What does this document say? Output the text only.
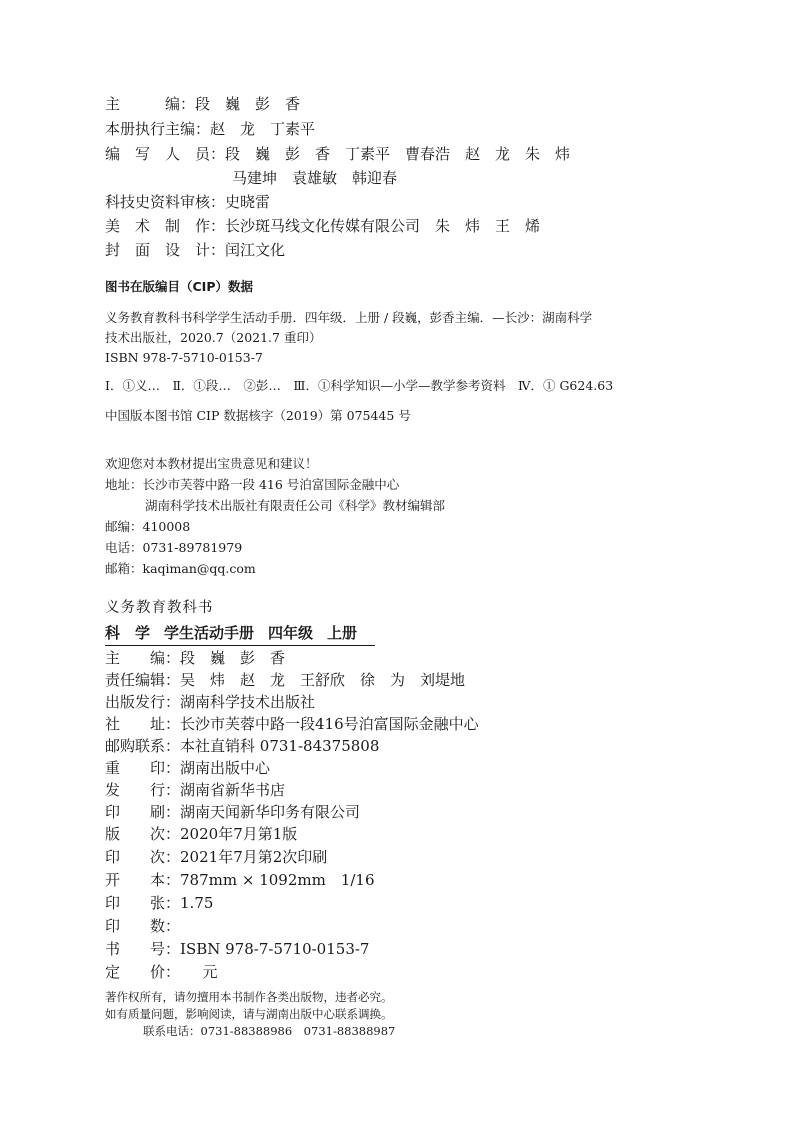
主　　　编：段　巍　彭　香
本册执行主编：赵　龙　丁素平
编　写　人　员：段　巍　彭　香　丁素平　曹春浩　赵　龙　朱　炜
马建坤　袁雄敏　韩迎春
科技史资料审核：史晓雷
美　术　制　作：长沙斑马线文化传媒有限公司　朱　炜　王　烯
封　面　设　计：闰江文化
图书在版编目（CIP）数据
义务教育教科书科学学生活动手册．四年级．上册 / 段巍，彭香主编．—长沙：湖南科学
技术出版社，2020.7（2021.7 重印）
ISBN 978-7-5710-0153-7
Ⅰ．①义…　Ⅱ．①段…　②彭…　Ⅲ．①科学知识—小学—教学参考资料　Ⅳ．① G624.63
中国版本图书馆 CIP 数据核字（2019）第 075445 号
欢迎您对本教材提出宝贵意见和建议！
地址：长沙市芙蓉中路一段 416 号泊富国际金融中心
湖南科学技术出版社有限责任公司《科学》教材编辑部
邮编：410008
电话：0731-89781979
邮箱：kaqiman@qq.com
义务教育教科书
科　学 学生活动手册 四年级 上册
主　　编：段　巍　彭　香
责任编辑：吴　炜　赵　龙　王舒欣　徐　为　刘堤地
出版发行：湖南科学技术出版社
社　　址：长沙市芙蓉中路一段416号泊富国际金融中心
邮购联系：本社直销科 0731-84375808
重　　印：湖南出版中心
发　　行：湖南省新华书店
印　　刷：湖南天闻新华印务有限公司
版　　次：2020年7月第1版
印　　次：2021年7月第2次印刷
开　　本：787mm × 1092mm　1/16
印　　张：1.75
印　　数：
书　　号：ISBN 978-7-5710-0153-7
定　　价：　　元
著作权所有，请勿擅用本书制作各类出版物，违者必究。
如有质量问题，影响阅读，请与湖南出版中心联系调换。
联系电话：0731-88388986　0731-88388987
